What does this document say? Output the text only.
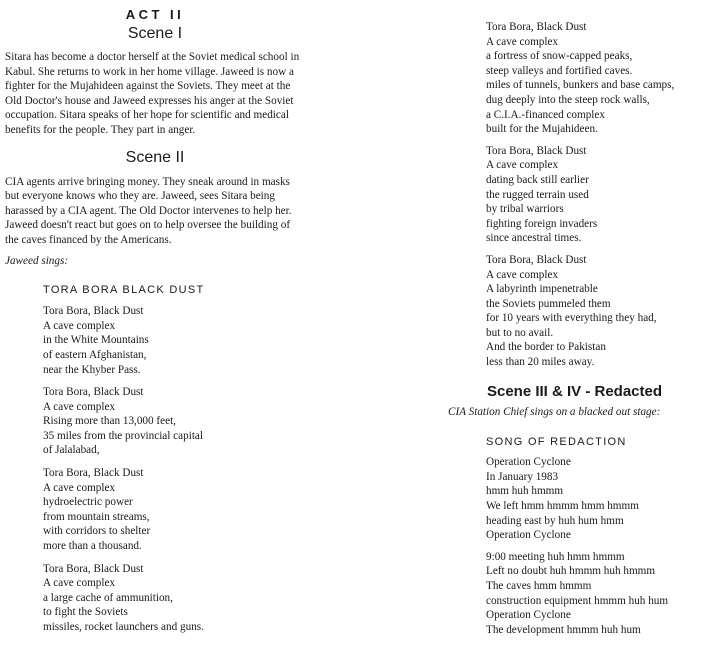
ACT II
Scene I

Sitara has become a doctor herself at the Soviet medical school in Kabul. She returns to work in her home village. Jaweed is now a fighter for the Mujahideen against the Soviets. They meet at the Old Doctor's house and Jaweed expresses his anger at the Soviet occupation. Sitara speaks of her hope for scientific and medical benefits for the people. They part in anger.

Scene II

CIA agents arrive bringing money. They sneak around in masks but everyone knows who they are. Jaweed, sees Sitara being harassed by a CIA agent. The Old Doctor intervenes to help her. Jaweed doesn't react but goes on to help oversee the building of the caves financed by the Americans.

Jaweed sings:

TORA BORA BLACK DUST
Tora Bora, Black Dust
A cave complex
in the White Mountains
of eastern Afghanistan,
near the Khyber Pass.
Tora Bora, Black Dust
A cave complex
Rising more than 13,000 feet,
35 miles from the provincial capital
of Jalalabad,
Tora Bora, Black Dust
A cave complex
hydroelectric power
from mountain streams,
with corridors to shelter
more than a thousand.
Tora Bora, Black Dust
A cave complex
a large cache of ammunition,
to fight the Soviets
missiles, rocket launchers and guns.
Tora Bora, Black Dust
A cave complex
a fortress of snow-capped peaks,
steep valleys and fortified caves.
miles of tunnels, bunkers and base camps,
dug deeply into the steep rock walls,
a C.I.A.-financed complex
built for the Mujahideen.
Tora Bora, Black Dust
A cave complex
dating back still earlier
the rugged terrain used
by tribal warriors
fighting foreign invaders
since ancestral times.
Tora Bora, Black Dust
A cave complex
A labyrinth impenetrable
the Soviets pummeled them
for 10 years with everything they had,
but to no avail.
And the border to Pakistan
less than 20 miles away.
Scene III & IV - Redacted

CIA Station Chief sings on a blacked out stage:

SONG OF REDACTION
Operation Cyclone
In January 1983
hmm huh hmmm
We left hmm hmmm hmm hmmm
heading east by huh hum hmm
Operation Cyclone
9:00 meeting huh hmm hmmm
Left no doubt huh hmmm huh hmmm
The caves hmm hmmm
construction equipment hmmm huh hum
Operation Cyclone
The development hmmm huh hum
